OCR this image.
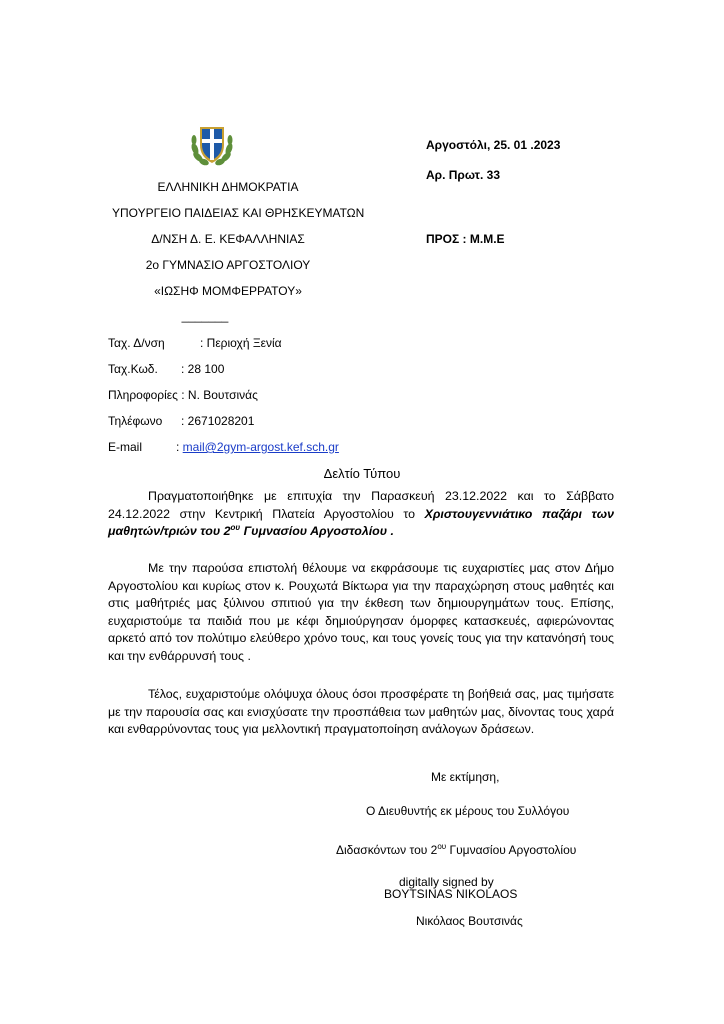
ΕΛΛΗΝΙΚΗ ΔΗΜΟΚΡΑΤΙΑ
ΥΠΟΥΡΓΕΙΟ ΠΑΙΔΕΙΑΣ ΚΑΙ ΘΡΗΣΚΕΥΜΑΤΩΝ
Δ/ΝΣΗ Δ. Ε. ΚΕΦΑΛΛΗΝΙΑΣ
2ο ΓΥΜΝΑΣΙΟ ΑΡΓΟΣΤΟΛΙΟΥ
«ΙΩΣΗΦ ΜΟΜΦΕΡΡΑΤΟΥ»
_______
Αργοστόλι, 25. 01 .2023
Αρ. Πρωτ. 33
ΠΡΟΣ : Μ.Μ.Ε
Ταχ. Δ/νση	: Περιοχή Ξενία
Ταχ.Κωδ. : 28 100
Πληροφορίες : Ν. Βουτσινάς
Τηλέφωνο : 2671028201
E-mail	: mail@2gym-argost.kef.sch.gr
Δελτίο Τύπου

Πραγματοποιήθηκε με επιτυχία την Παρασκευή 23.12.2022 και το Σάββατο 24.12.2022 στην Κεντρική Πλατεία Αργοστολίου το Χριστουγεννιάτικο παζάρι των μαθητών/τριών του $2^{o\upsilon}$ Γυμνασίου Αργοστολίου .

Με την παρούσα επιστολή θέλουμε να εκφράσουμε τις ευχαριστίες μας στον Δήμο Αργοστολίου και κυρίως στον κ. Ρουχωτά Βίκτωρα για την παραχώρηση στους μαθητές και στις μαθήτριές μας ξύλινου σπιτιού για την έκθεση των δημιουργημάτων τους. Επίσης, ευχαριστούμε τα παιδιά που με κέφι δημιούργησαν όμορφες κατασκευές, αφιερώνοντας αρκετό από τον πολύτιμο ελεύθερο χρόνο τους, και τους γονείς τους για την κατανόησή τους και την ενθάρρυνσή τους .

Τέλος, ευχαριστούμε ολόψυχα όλους όσοι προσφέρατε τη βοήθειά σας, μας τιμήσατε με την παρουσία σας και ενισχύσατε την προσπάθεια των μαθητών μας, δίνοντας τους χαρά και ενθαρρύνοντας τους για μελλοντική πραγματοποίηση ανάλογων δράσεων.

Με εκτίμηση,
Ο Διευθυντής εκ μέρους του Συλλόγου
Διδασκόντων του $2^{o\upsilon}$ Γυμνασίου Αργοστολίου
digitally signed by
BOYTSINAS NIKOLAOS
Νικόλαος Βουτσινάς
